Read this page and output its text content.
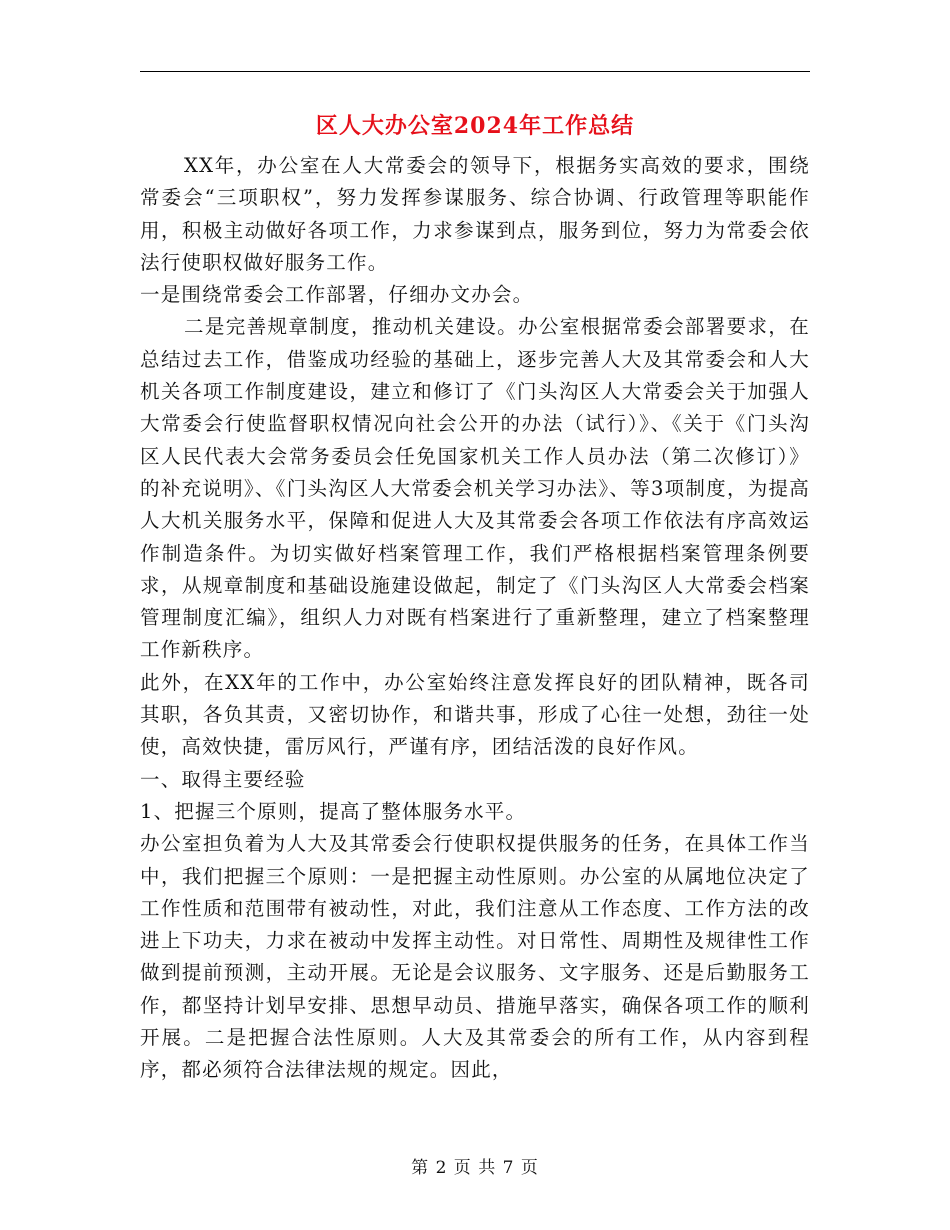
区人大办公室2024年工作总结

XX年，办公室在人大常委会的领导下，根据务实高效的要求，围绕常委会“三项职权”，努力发挥参谋服务、综合协调、行政管理等职能作用，积极主动做好各项工作，力求参谋到点，服务到位，努力为常委会依法行使职权做好服务工作。

一是围绕常委会工作部署，仔细办文办会。

二是完善规章制度，推动机关建设。办公室根据常委会部署要求，在总结过去工作，借鉴成功经验的基础上，逐步完善人大及其常委会和人大机关各项工作制度建设，建立和修订了《门头沟区人大常委会关于加强人大常委会行使监督职权情况向社会公开的办法（试行）》、《关于《门头沟区人民代表大会常务委员会任免国家机关工作人员办法（第二次修订）》的补充说明》、《门头沟区人大常委会机关学习办法》、等3项制度，为提高人大机关服务水平，保障和促进人大及其常委会各项工作依法有序高效运作制造条件。为切实做好档案管理工作，我们严格根据档案管理条例要求，从规章制度和基础设施建设做起，制定了《门头沟区人大常委会档案管理制度汇编》，组织人力对既有档案进行了重新整理，建立了档案整理工作新秩序。

此外，在XX年的工作中，办公室始终注意发挥良好的团队精神，既各司其职，各负其责，又密切协作，和谐共事，形成了心往一处想，劲往一处使，高效快捷，雷厉风行，严谨有序，团结活泼的良好作风。

一、取得主要经验

1、把握三个原则，提高了整体服务水平。

办公室担负着为人大及其常委会行使职权提供服务的任务，在具体工作当中，我们把握三个原则：一是把握主动性原则。办公室的从属地位决定了工作性质和范围带有被动性，对此，我们注意从工作态度、工作方法的改进上下功夫，力求在被动中发挥主动性。对日常性、周期性及规律性工作做到提前预测，主动开展。无论是会议服务、文字服务、还是后勤服务工作，都坚持计划早安排、思想早动员、措施早落实，确保各项工作的顺利开展。二是把握合法性原则。人大及其常委会的所有工作，从内容到程序，都必须符合法律法规的规定。因此，

第 2 页 共 7 页
